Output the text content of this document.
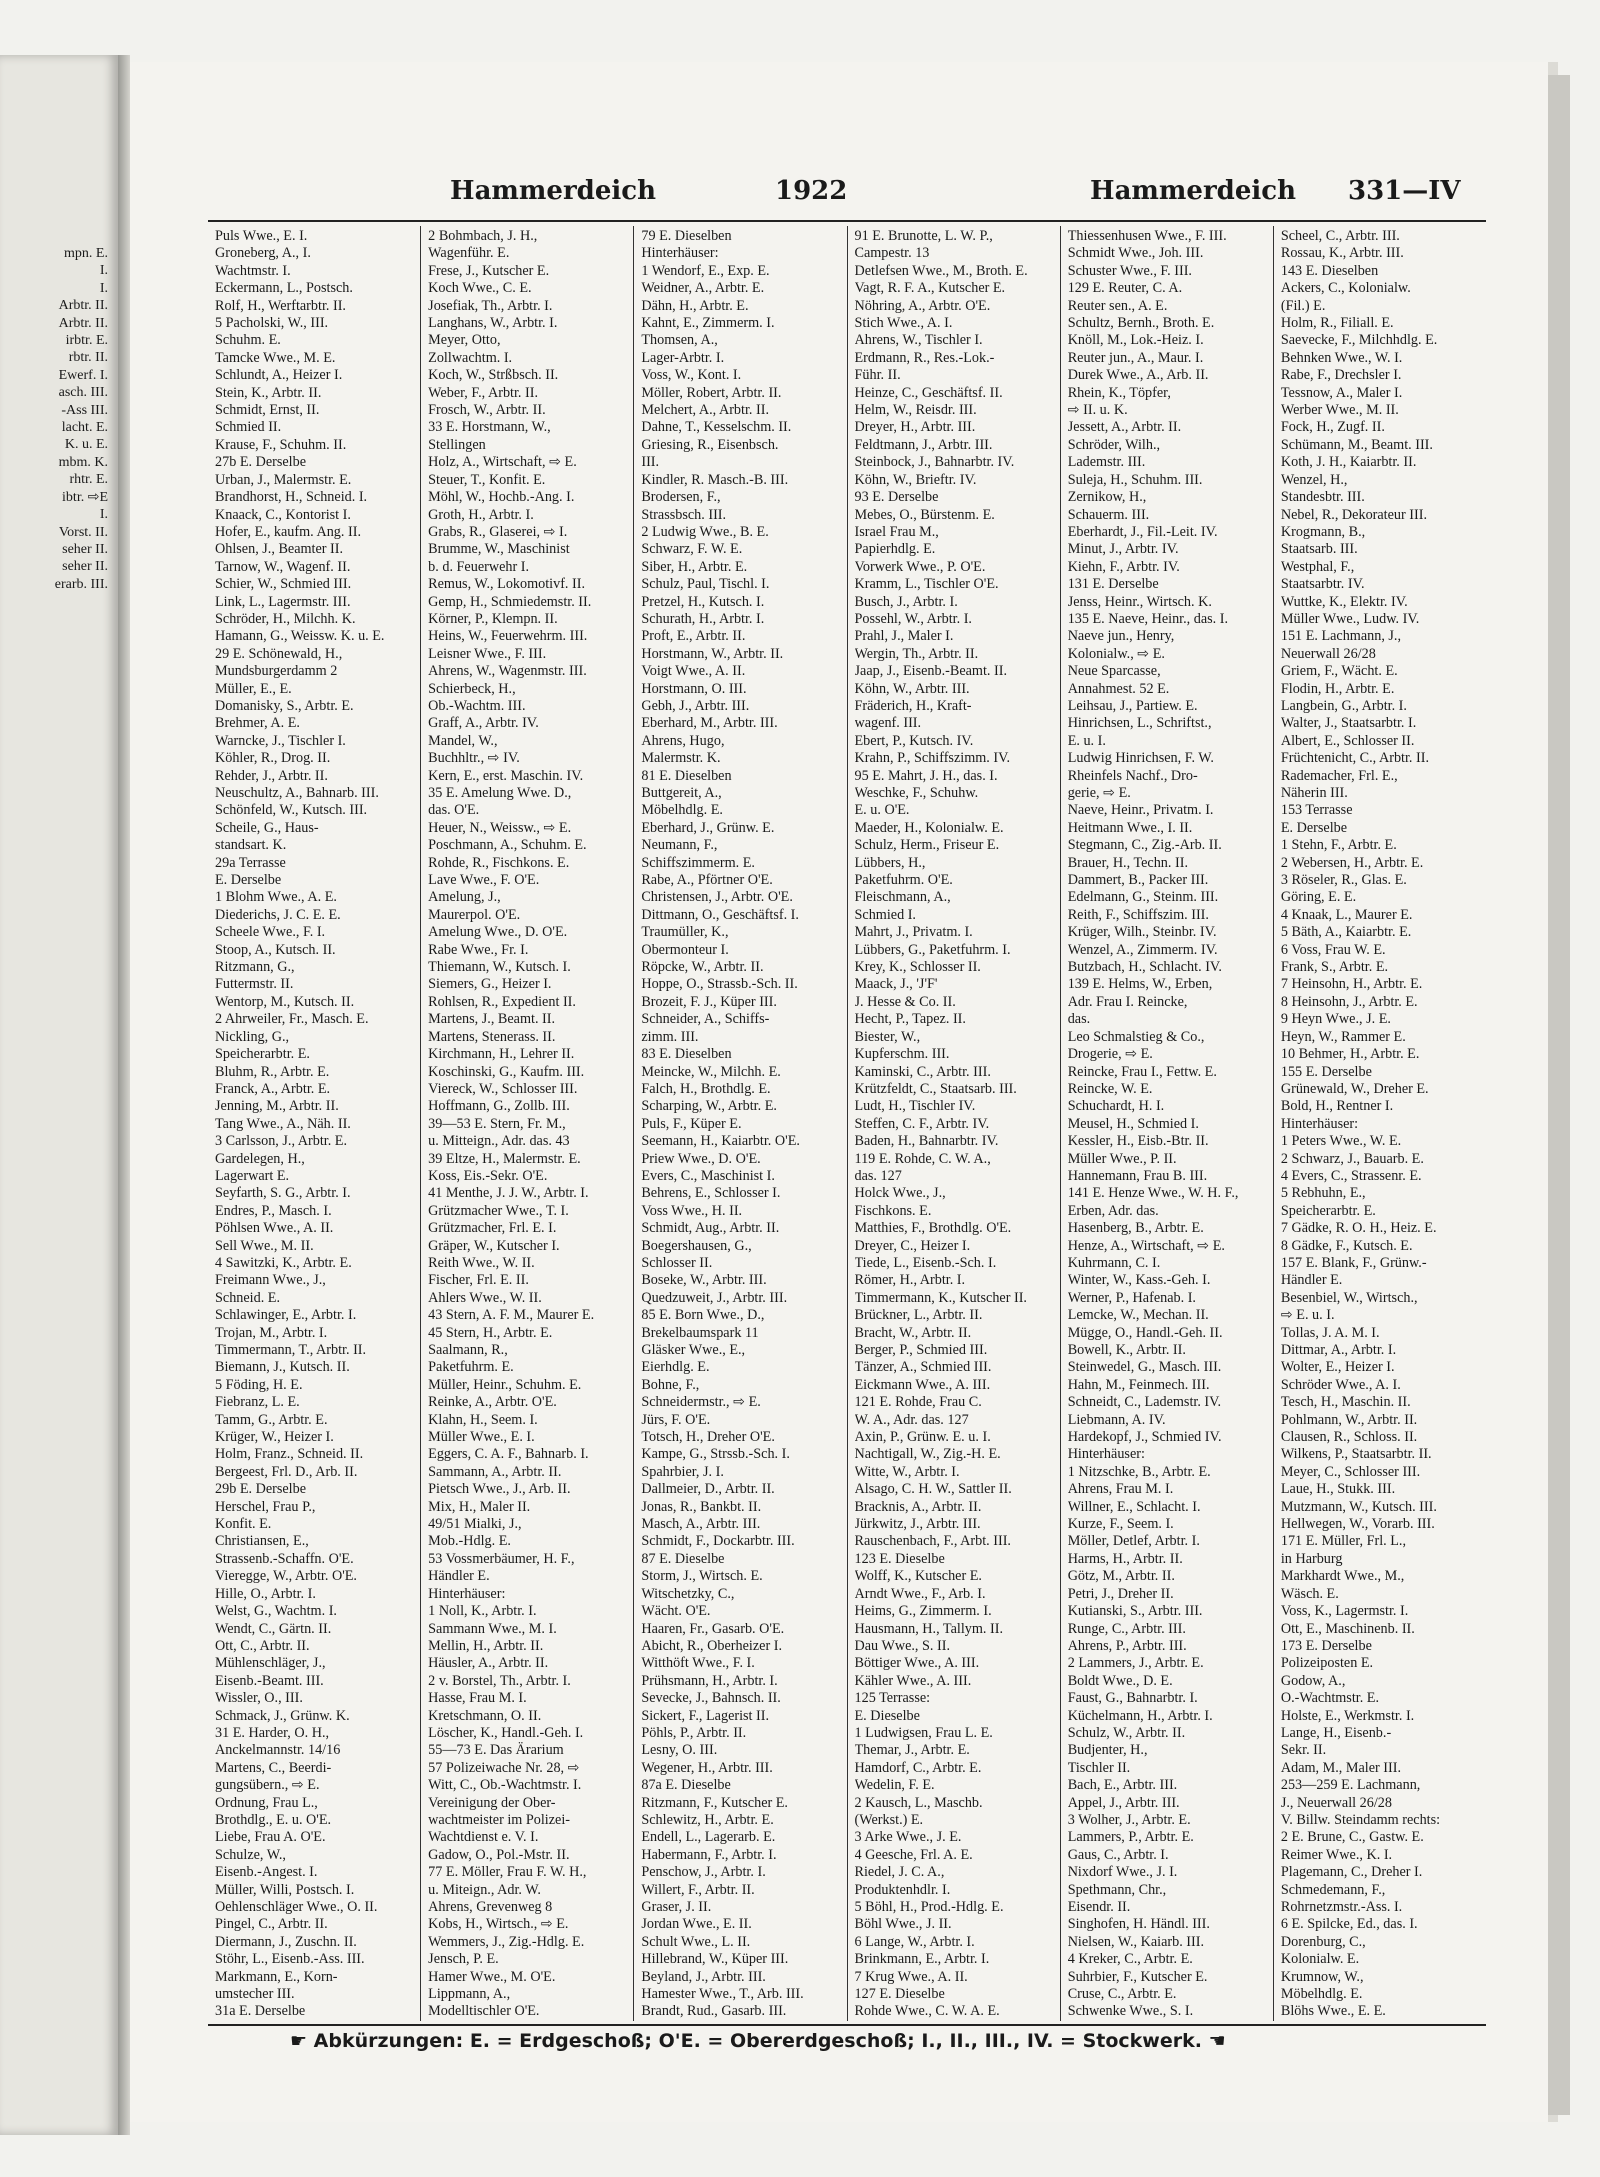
mpn. E.
I.
I.
Arbtr. II.
Arbtr. II.
irbtr. E.
rbtr. II.
Ewerf. I.
asch. III.
-Ass III.
lacht. E.
K. u. E.
mbm. K.
rhtr. E.
ibtr. ⇨E
I.
Vorst. II.
seher II.
seher II.
erarb. III.
Hammerdeich	1922	Hammerdeich 331—IV
Puls Wwe., E. I.
Groneberg, A., I.
Wachtmstr. I.
Eckermann, L., Postsch.
Rolf, H., Werftarbtr. II.
5 Pacholski, W., III.
Schuhm. E.
Tamcke Wwe., M. E.
Schlundt, A., Heizer I.
Stein, K., Arbtr. II.
Schmidt, Ernst, II.
Schmied II.
Krause, F., Schuhm. II.
27b E. Derselbe
Urban, J., Malermstr. E.
Brandhorst, H., Schneid. I.
Knaack, C., Kontorist I.
Hofer, E., kaufm. Ang. II.
Ohlsen, J., Beamter II.
Tarnow, W., Wagenf. II.
Schier, W., Schmied III.
Link, L., Lagermstr. III.
Schröder, H., Milchh. K.
Hamann, G., Weissw. K. u. E.
29 E. Schönewald, H.,
Mundsburgerdamm 2
Müller, E., E.
Domanisky, S., Arbtr. E.
Brehmer, A. E.
Warncke, J., Tischler I.
Köhler, R., Drog. II.
Rehder, J., Arbtr. II.
Neuschultz, A., Bahnarb. III.
Schönfeld, W., Kutsch. III.
Scheile, G., Haus-
standsart. K.
29a Terrasse
E. Derselbe
1 Blohm Wwe., A. E.
Diederichs, J. C. E. E.
Scheele Wwe., F. I.
Stoop, A., Kutsch. II.
Ritzmann, G.,
Futtermstr. II.
Wentorp, M., Kutsch. II.
2 Ahrweiler, Fr., Masch. E.
Nickling, G.,
Speicherarbtr. E.
Bluhm, R., Arbtr. E.
Franck, A., Arbtr. E.
Jenning, M., Arbtr. II.
Tang Wwe., A., Näh. II.
3 Carlsson, J., Arbtr. E.
Gardelegen, H.,
Lagerwart E.
Seyfarth, S. G., Arbtr. I.
Endres, P., Masch. I.
Pöhlsen Wwe., A. II.
Sell Wwe., M. II.
4 Sawitzki, K., Arbtr. E.
Freimann Wwe., J.,
Schneid. E.
Schlawinger, E., Arbtr. I.
Trojan, M., Arbtr. I.
Timmermann, T., Arbtr. II.
Biemann, J., Kutsch. II.
5 Föding, H. E.
Fiebranz, L. E.
Tamm, G., Arbtr. E.
Krüger, W., Heizer I.
Holm, Franz., Schneid. II.
Bergeest, Frl. D., Arb. II.
29b E. Derselbe
Herschel, Frau P.,
Konfit. E.
Christiansen, E.,
Strassenb.-Schaffn. O'E.
Vieregge, W., Arbtr. O'E.
Hille, O., Arbtr. I.
Welst, G., Wachtm. I.
Wendt, C., Gärtn. II.
Ott, C., Arbtr. II.
Mühlenschläger, J.,
Eisenb.-Beamt. III.
Wissler, O., III.
Schmack, J., Grünw. K.
31 E. Harder, O. H.,
Anckelmannstr. 14/16
Martens, C., Beerdi-
gungsübern., ⇨ E.
Ordnung, Frau L.,
Brothdlg., E. u. O'E.
Liebe, Frau A. O'E.
Schulze, W.,
Eisenb.-Angest. I.
Müller, Willi, Postsch. I.
Oehlenschläger Wwe., O. II.
Pingel, C., Arbtr. II.
Diermann, J., Zuschn. II.
Stöhr, L., Eisenb.-Ass. III.
Markmann, E., Korn-
umstecher III.
31a E. Derselbe
2 Bohmbach, J. H.,
Wagenführ. E.
Frese, J., Kutscher E.
Koch Wwe., C. E.
Josefiak, Th., Arbtr. I.
Langhans, W., Arbtr. I.
Meyer, Otto,
Zollwachtm. I.
Koch, W., Strßbsch. II.
Weber, F., Arbtr. II.
Frosch, W., Arbtr. II.
33 E. Horstmann, W.,
Stellingen
Holz, A., Wirtschaft, ⇨ E.
Steuer, T., Konfit. E.
Möhl, W., Hochb.-Ang. I.
Groth, H., Arbtr. I.
Grabs, R., Glaserei, ⇨ I.
Brumme, W., Maschinist
b. d. Feuerwehr I.
Remus, W., Lokomotivf. II.
Gemp, H., Schmiedemstr. II.
Körner, P., Klempn. II.
Heins, W., Feuerwehrm. III.
Leisner Wwe., F. III.
Ahrens, W., Wagenmstr. III.
Schierbeck, H.,
Ob.-Wachtm. III.
Graff, A., Arbtr. IV.
Mandel, W.,
Buchhltr., ⇨ IV.
Kern, E., erst. Maschin. IV.
35 E. Amelung Wwe. D.,
das. O'E.
Heuer, N., Weissw., ⇨ E.
Poschmann, A., Schuhm. E.
Rohde, R., Fischkons. E.
Lave Wwe., F. O'E.
Amelung, J.,
Maurerpol. O'E.
Amelung Wwe., D. O'E.
Rabe Wwe., Fr. I.
Thiemann, W., Kutsch. I.
Siemers, G., Heizer I.
Rohlsen, R., Expedient II.
Martens, J., Beamt. II.
Martens, Stenerass. II.
Kirchmann, H., Lehrer II.
Koschinski, G., Kaufm. III.
Viereck, W., Schlosser III.
Hoffmann, G., Zollb. III.
39—53 E. Stern, Fr. M.,
u. Mitteign., Adr. das. 43
39 Eltze, H., Malermstr. E.
Koss, Eis.-Sekr. O'E.
41 Menthe, J. J. W., Arbtr. I.
Grützmacher Wwe., T. I.
Grützmacher, Frl. E. I.
Gräper, W., Kutscher I.
Reith Wwe., W. II.
Fischer, Frl. E. II.
Ahlers Wwe., W. II.
43 Stern, A. F. M., Maurer E.
45 Stern, H., Arbtr. E.
Saalmann, R.,
Paketfuhrm. E.
Müller, Heinr., Schuhm. E.
Reinke, A., Arbtr. O'E.
Klahn, H., Seem. I.
Müller Wwe., E. I.
Eggers, C. A. F., Bahnarb. I.
Sammann, A., Arbtr. II.
Pietsch Wwe., J., Arb. II.
Mix, H., Maler II.
49/51 Mialki, J.,
Mob.-Hdlg. E.
53 Vossmerbäumer, H. F.,
Händler E.
Hinterhäuser:
1 Noll, K., Arbtr. I.
Sammann Wwe., M. I.
Mellin, H., Arbtr. II.
Häusler, A., Arbtr. II.
2 v. Borstel, Th., Arbtr. I.
Hasse, Frau M. I.
Kretschmann, O. II.
Löscher, K., Handl.-Geh. I.
55—73 E. Das Ärarium
57 Polizeiwache Nr. 28, ⇨
Witt, C., Ob.-Wachtmstr. I.
Vereinigung der Ober-
wachtmeister im Polizei-
Wachtdienst e. V. I.
Gadow, O., Pol.-Mstr. II.
77 E. Möller, Frau F. W. H.,
u. Miteign., Adr. W.
Ahrens, Grevenweg 8
Kobs, H., Wirtsch., ⇨ E.
Wemmers, J., Zig.-Hdlg. E.
Jensch, P. E.
Hamer Wwe., M. O'E.
Lippmann, A.,
Modelltischler O'E.
79 E. Dieselben
Hinterhäuser:
1 Wendorf, E., Exp. E.
Weidner, A., Arbtr. E.
Dähn, H., Arbtr. E.
Kahnt, E., Zimmerm. I.
Thomsen, A.,
Lager-Arbtr. I.
Voss, W., Kont. I.
Möller, Robert, Arbtr. II.
Melchert, A., Arbtr. II.
Dahne, T., Kesselschm. II.
Griesing, R., Eisenbsch.
III.
Kindler, R. Masch.-B. III.
Brodersen, F.,
Strassbsch. III.
2 Ludwig Wwe., B. E.
Schwarz, F. W. E.
Siber, H., Arbtr. E.
Schulz, Paul, Tischl. I.
Pretzel, H., Kutsch. I.
Schurath, H., Arbtr. I.
Proft, E., Arbtr. II.
Horstmann, W., Arbtr. II.
Voigt Wwe., A. II.
Horstmann, O. III.
Gebh, J., Arbtr. III.
Eberhard, M., Arbtr. III.
Ahrens, Hugo,
Malermstr. K.
81 E. Dieselben
Buttgereit, A.,
Möbelhdlg. E.
Eberhard, J., Grünw. E.
Neumann, F.,
Schiffszimmerm. E.
Rabe, A., Pförtner O'E.
Christensen, J., Arbtr. O'E.
Dittmann, O., Geschäftsf. I.
Traumüller, K.,
Obermonteur I.
Röpcke, W., Arbtr. II.
Hoppe, O., Strassb.-Sch. II.
Brozeit, F. J., Küper III.
Schneider, A., Schiffs-
zimm. III.
83 E. Dieselben
Meincke, W., Milchh. E.
Falch, H., Brothdlg. E.
Scharping, W., Arbtr. E.
Puls, F., Küper E.
Seemann, H., Kaiarbtr. O'E.
Priew Wwe., D. O'E.
Evers, C., Maschinist I.
Behrens, E., Schlosser I.
Voss Wwe., H. II.
Schmidt, Aug., Arbtr. II.
Boegershausen, G.,
Schlosser II.
Boseke, W., Arbtr. III.
Quedzuweit, J., Arbtr. III.
85 E. Born Wwe., D.,
Brekelbaumspark 11
Gläsker Wwe., E.,
Eierhdlg. E.
Bohne, F.,
Schneidermstr., ⇨ E.
Jürs, F. O'E.
Totsch, H., Dreher O'E.
Kampe, G., Strssb.-Sch. I.
Spahrbier, J. I.
Dallmeier, D., Arbtr. II.
Jonas, R., Bankbt. II.
Masch, A., Arbtr. III.
Schmidt, F., Dockarbtr. III.
87 E. Dieselbe
Storm, J., Wirtsch. E.
Witschetzky, C.,
Wächt. O'E.
Haaren, Fr., Gasarb. O'E.
Abicht, R., Oberheizer I.
Witthöft Wwe., F. I.
Prühsmann, H., Arbtr. I.
Sevecke, J., Bahnsch. II.
Sickert, F., Lagerist II.
Pöhls, P., Arbtr. II.
Lesny, O. III.
Wegener, H., Arbtr. III.
87a E. Dieselbe
Ritzmann, F., Kutscher E.
Schlewitz, H., Arbtr. E.
Endell, L., Lagerarb. E.
Habermann, F., Arbtr. I.
Penschow, J., Arbtr. I.
Willert, F., Arbtr. II.
Graser, J. II.
Jordan Wwe., E. II.
Schult Wwe., L. II.
Hillebrand, W., Küper III.
Beyland, J., Arbtr. III.
Hamester Wwe., T., Arb. III.
Brandt, Rud., Gasarb. III.
91 E. Brunotte, L. W. P.,
Campestr. 13
Detlefsen Wwe., M., Broth. E.
Vagt, R. F. A., Kutscher E.
Nöhring, A., Arbtr. O'E.
Stich Wwe., A. I.
Ahrens, W., Tischler I.
Erdmann, R., Res.-Lok.-
Führ. II.
Heinze, C., Geschäftsf. II.
Helm, W., Reisdr. III.
Dreyer, H., Arbtr. III.
Feldtmann, J., Arbtr. III.
Steinbock, J., Bahnarbtr. IV.
Köhn, W., Brieftr. IV.
93 E. Derselbe
Mebes, O., Bürstenm. E.
Israel Frau M.,
Papierhdlg. E.
Vorwerk Wwe., P. O'E.
Kramm, L., Tischler O'E.
Busch, J., Arbtr. I.
Possehl, W., Arbtr. I.
Prahl, J., Maler I.
Wergin, Th., Arbtr. II.
Jaap, J., Eisenb.-Beamt. II.
Köhn, W., Arbtr. III.
Fräderich, H., Kraft-
wagenf. III.
Ebert, P., Kutsch. IV.
Krahn, P., Schiffszimm. IV.
95 E. Mahrt, J. H., das. I.
Weschke, F., Schuhw.
E. u. O'E.
Maeder, H., Kolonialw. E.
Schulz, Herm., Friseur E.
Lübbers, H.,
Paketfuhrm. O'E.
Fleischmann, A.,
Schmied I.
Mahrt, J., Privatm. I.
Lübbers, G., Paketfuhrm. I.
Krey, K., Schlosser II.
Maack, J., 'J'F'
J. Hesse & Co. II.
Hecht, P., Tapez. II.
Biester, W.,
Kupferschm. III.
Kaminski, C., Arbtr. III.
Krützfeldt, C., Staatsarb. III.
Ludt, H., Tischler IV.
Steffen, C. F., Arbtr. IV.
Baden, H., Bahnarbtr. IV.
119 E. Rohde, C. W. A.,
das. 127
Holck Wwe., J.,
Fischkons. E.
Matthies, F., Brothdlg. O'E.
Dreyer, C., Heizer I.
Tiede, L., Eisenb.-Sch. I.
Römer, H., Arbtr. I.
Timmermann, K., Kutscher II.
Brückner, L., Arbtr. II.
Bracht, W., Arbtr. II.
Berger, P., Schmied III.
Tänzer, A., Schmied III.
Eickmann Wwe., A. III.
121 E. Rohde, Frau C.
W. A., Adr. das. 127
Axin, P., Grünw. E. u. I.
Nachtigall, W., Zig.-H. E.
Witte, W., Arbtr. I.
Alsago, C. H. W., Sattler II.
Bracknis, A., Arbtr. II.
Jürkwitz, J., Arbtr. III.
Rauschenbach, F., Arbt. III.
123 E. Dieselbe
Wolff, K., Kutscher E.
Arndt Wwe., F., Arb. I.
Heims, G., Zimmerm. I.
Hausmann, H., Tallym. II.
Dau Wwe., S. II.
Böttiger Wwe., A. III.
Kähler Wwe., A. III.
125 Terrasse:
E. Dieselbe
1 Ludwigsen, Frau L. E.
Themar, J., Arbtr. E.
Hamdorf, C., Arbtr. E.
Wedelin, F. E.
2 Kausch, L., Maschb.
(Werkst.) E.
3 Arke Wwe., J. E.
4 Geesche, Frl. A. E.
Riedel, J. C. A.,
Produktenhdlr. I.
5 Böhl, H., Prod.-Hdlg. E.
Böhl Wwe., J. II.
6 Lange, W., Arbtr. I.
Brinkmann, E., Arbtr. I.
7 Krug Wwe., A. II.
127 E. Dieselbe
Rohde Wwe., C. W. A. E.
Thiessenhusen Wwe., F. III.
Schmidt Wwe., Joh. III.
Schuster Wwe., F. III.
129 E. Reuter, C. A.
Reuter sen., A. E.
Schultz, Bernh., Broth. E.
Knöll, M., Lok.-Heiz. I.
Reuter jun., A., Maur. I.
Durek Wwe., A., Arb. II.
Rhein, K., Töpfer,
⇨ II. u. K.
Jessett, A., Arbtr. II.
Schröder, Wilh.,
Lademstr. III.
Suleja, H., Schuhm. III.
Zernikow, H.,
Schauerm. III.
Eberhardt, J., Fil.-Leit. IV.
Minut, J., Arbtr. IV.
Kiehn, F., Arbtr. IV.
131 E. Derselbe
Jenss, Heinr., Wirtsch. K.
135 E. Naeve, Heinr., das. I.
Naeve jun., Henry,
Kolonialw., ⇨ E.
Neue Sparcasse,
Annahmest. 52 E.
Leihsau, J., Partiew. E.
Hinrichsen, L., Schriftst.,
E. u. I.
Ludwig Hinrichsen, F. W.
Rheinfels Nachf., Dro-
gerie, ⇨ E.
Naeve, Heinr., Privatm. I.
Heitmann Wwe., I. II.
Stegmann, C., Zig.-Arb. II.
Brauer, H., Techn. II.
Dammert, B., Packer III.
Edelmann, G., Steinm. III.
Reith, F., Schiffszim. III.
Krüger, Wilh., Steinbr. IV.
Wenzel, A., Zimmerm. IV.
Butzbach, H., Schlacht. IV.
139 E. Helms, W., Erben,
Adr. Frau I. Reincke,
das.
Leo Schmalstieg & Co.,
Drogerie, ⇨ E.
Reincke, Frau I., Fettw. E.
Reincke, W. E.
Schuchardt, H. I.
Meusel, H., Schmied I.
Kessler, H., Eisb.-Btr. II.
Müller Wwe., P. II.
Hannemann, Frau B. III.
141 E. Henze Wwe., W. H. F.,
Erben, Adr. das.
Hasenberg, B., Arbtr. E.
Henze, A., Wirtschaft, ⇨ E.
Kuhrmann, C. I.
Winter, W., Kass.-Geh. I.
Werner, P., Hafenab. I.
Lemcke, W., Mechan. II.
Mügge, O., Handl.-Geh. II.
Bowell, K., Arbtr. II.
Steinwedel, G., Masch. III.
Hahn, M., Feinmech. III.
Schneidt, C., Lademstr. IV.
Liebmann, A. IV.
Hardekopf, J., Schmied IV.
Hinterhäuser:
1 Nitzschke, B., Arbtr. E.
Ahrens, Frau M. I.
Willner, E., Schlacht. I.
Kurze, F., Seem. I.
Möller, Detlef, Arbtr. I.
Harms, H., Arbtr. II.
Götz, M., Arbtr. II.
Petri, J., Dreher II.
Kutianski, S., Arbtr. III.
Runge, C., Arbtr. III.
Ahrens, P., Arbtr. III.
2 Lammers, J., Arbtr. E.
Boldt Wwe., D. E.
Faust, G., Bahnarbtr. I.
Küchelmann, H., Arbtr. I.
Schulz, W., Arbtr. II.
Budjenter, H.,
Tischler II.
Bach, E., Arbtr. III.
Appel, J., Arbtr. III.
3 Wolher, J., Arbtr. E.
Lammers, P., Arbtr. E.
Gaus, C., Arbtr. I.
Nixdorf Wwe., J. I.
Spethmann, Chr.,
Eisendr. II.
Singhofen, H. Händl. III.
Nielsen, W., Kaiarb. III.
4 Kreker, C., Arbtr. E.
Suhrbier, F., Kutscher E.
Cruse, C., Arbtr. E.
Schwenke Wwe., S. I.
Scheel, C., Arbtr. III.
Rossau, K., Arbtr. III.
143 E. Dieselben
Ackers, C., Kolonialw.
(Fil.) E.
Holm, R., Filiall. E.
Saevecke, F., Milchhdlg. E.
Behnken Wwe., W. I.
Rabe, F., Drechsler I.
Tessnow, A., Maler I.
Werber Wwe., M. II.
Fock, H., Zugf. II.
Schümann, M., Beamt. III.
Koth, J. H., Kaiarbtr. II.
Wenzel, H.,
Standesbtr. III.
Nebel, R., Dekorateur III.
Krogmann, B.,
Staatsarb. III.
Westphal, F.,
Staatsarbtr. IV.
Wuttke, K., Elektr. IV.
Müller Wwe., Ludw. IV.
151 E. Lachmann, J.,
Neuerwall 26/28
Griem, F., Wächt. E.
Flodin, H., Arbtr. E.
Langbein, G., Arbtr. I.
Walter, J., Staatsarbtr. I.
Albert, E., Schlosser II.
Früchtenicht, C., Arbtr. II.
Rademacher, Frl. E.,
Näherin III.
153 Terrasse
E. Derselbe
1 Stehn, F., Arbtr. E.
2 Webersen, H., Arbtr. E.
3 Röseler, R., Glas. E.
Göring, E. E.
4 Knaak, L., Maurer E.
5 Bäth, A., Kaiarbtr. E.
6 Voss, Frau W. E.
Frank, S., Arbtr. E.
7 Heinsohn, H., Arbtr. E.
8 Heinsohn, J., Arbtr. E.
9 Heyn Wwe., J. E.
Heyn, W., Rammer E.
10 Behmer, H., Arbtr. E.
155 E. Derselbe
Grünewald, W., Dreher E.
Bold, H., Rentner I.
Hinterhäuser:
1 Peters Wwe., W. E.
2 Schwarz, J., Bauarb. E.
4 Evers, C., Strassenr. E.
5 Rebhuhn, E.,
Speicherarbtr. E.
7 Gädke, R. O. H., Heiz. E.
8 Gädke, F., Kutsch. E.
157 E. Blank, F., Grünw.-
Händler E.
Besenbiel, W., Wirtsch.,
⇨ E. u. I.
Tollas, J. A. M. I.
Dittmar, A., Arbtr. I.
Wolter, E., Heizer I.
Schröder Wwe., A. I.
Tesch, H., Maschin. II.
Pohlmann, W., Arbtr. II.
Clausen, R., Schloss. II.
Wilkens, P., Staatsarbtr. II.
Meyer, C., Schlosser III.
Laue, H., Stukk. III.
Mutzmann, W., Kutsch. III.
Hellwegen, W., Vorarb. III.
171 E. Müller, Frl. L.,
in Harburg
Markhardt Wwe., M.,
Wäsch. E.
Voss, K., Lagermstr. I.
Ott, E., Maschinenb. II.
173 E. Derselbe
Polizeiposten E.
Godow, A.,
O.-Wachtmstr. E.
Holste, E., Werkmstr. I.
Lange, H., Eisenb.-
Sekr. II.
Adam, M., Maler III.
253—259 E. Lachmann,
J., Neuerwall 26/28
V. Billw. Steindamm rechts:
2 E. Brune, C., Gastw. E.
Reimer Wwe., K. I.
Plagemann, C., Dreher I.
Schmedemann, F.,
Rohrnetzmstr.-Ass. I.
6 E. Spilcke, Ed., das. I.
Dorenburg, C.,
Kolonialw. E.
Krumnow, W.,
Möbelhdlg. E.
Blöhs Wwe., E. E.
☛ Abkürzungen: E. = Erdgeschoß; O'E. = Obererdgeschoß; I., II., III., IV. = Stockwerk. ☚
